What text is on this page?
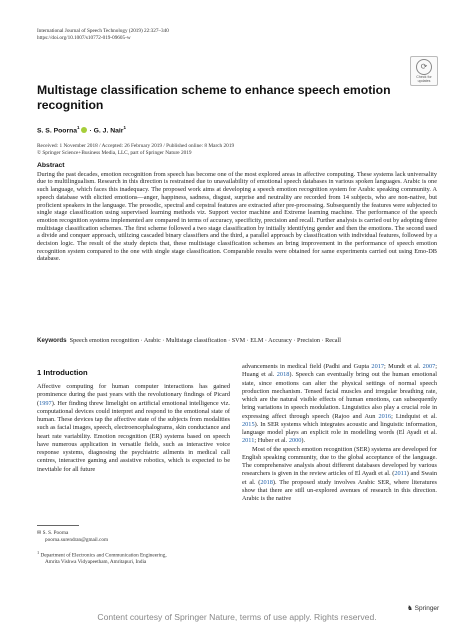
International Journal of Speech Technology (2019) 22:327–340
https://doi.org/10.1007/s10772-019-09605-w
⟳
Check for
updates
Multistage classification scheme to enhance speech emotion recognition
S. S. Poorna$^1$ · G. J. Nair$^1$
Received: 1 November 2018 / Accepted: 26 February 2019 / Published online: 8 March 2019
© Springer Science+Business Media, LLC, part of Springer Nature 2019
Abstract
During the past decades, emotion recognition from speech has become one of the most explored areas in affective computing. These systems lack universality due to multilingualism. Research in this direction is restrained due to unavailability of emotional speech databases in various spoken languages. Arabic is one such language, which faces this inadequacy. The proposed work aims at developing a speech emotion recognition system for Arabic speaking community. A speech database with elicited emotions—anger, happiness, sadness, disgust, surprise and neutrality are recorded from 14 subjects, who are non-native, but proficient speakers in the language. The prosodic, spectral and cepstral features are extracted after pre-processing. Subsequently the features were subjected to single stage classification using supervised learning methods viz. Support vector machine and Extreme learning machine. The performance of the speech emotion recognition systems implemented are compared in terms of accuracy, specificity, precision and recall. Further analysis is carried out by adopting three multistage classification schemes. The first scheme followed a two stage classification by initially identifying gender and then the emotions. The second used a divide and conquer approach, utilizing cascaded binary classifiers and the third, a parallel approach by classification with individual features, followed by a decision logic. The result of the study depicts that, these multistage classification schemes an bring improvement in the performance of speech emotion recognition system compared to the one with single stage classification. Comparable results were obtained for same experiments carried out using Emo-DB database.
Keywords Speech emotion recognition · Arabic · Multistage classification · SVM · ELM · Accuracy · Precision · Recall
1 Introduction

Affective computing for human computer interactions has gained prominence during the past years with the revolutionary findings of Picard (1997). Her finding threw limelight on artificial emotional intelligence viz. computational devices could interpret and respond to the emotional state of human. These devices tap the affective state of the subjects from modalities such as facial images, speech, electroencephalograms, skin conductance and heart rate variability. Emotion recognition (ER) systems based on speech have numerous application in versatile fields, such as interactive voice response systems, diagnosing the psychiatric ailments in medical call centres, interactive gaming and assistive robotics, which is expected to be inevitable for all future

advancements in medical field (Padhi and Gupta 2017; Mundt et al. 2007; Huang et al. 2018). Speech can eventually bring out the human emotional state, since emotions can alter the physical settings of normal speech production mechanism. Tensed facial muscles and irregular breathing rate, which are the natural visible effects of human emotions, can subsequently bring variations in speech modulation. Linguistics also play a crucial role in expressing affect through speech (Rajoo and Aun 2016; Lindquist et al. 2015). In SER systems which integrates acoustic and linguistic information, language model plays an explicit role in modelling words (El Ayadi et al. 2011; Huber et al. 2000).

Most of the speech emotion recognition (SER) systems are developed for English speaking community, due to the global acceptance of the language. The comprehensive analysis about different databases developed by various researchers is given in the review articles of El Ayadi et al. (2011) and Swain et al. (2018). The proposed study involves Arabic SER, where literatures show that there are still un-explored avenues of research in this direction. Arabic is the native

✉ S. S. Poorna
poorna.surendran@gmail.com
$^1$ Department of Electronics and Communication Engineering,
Amrita Vishwa Vidyapeetham, Amritapuri, India
♞ Springer
Content courtesy of Springer Nature, terms of use apply. Rights reserved.
